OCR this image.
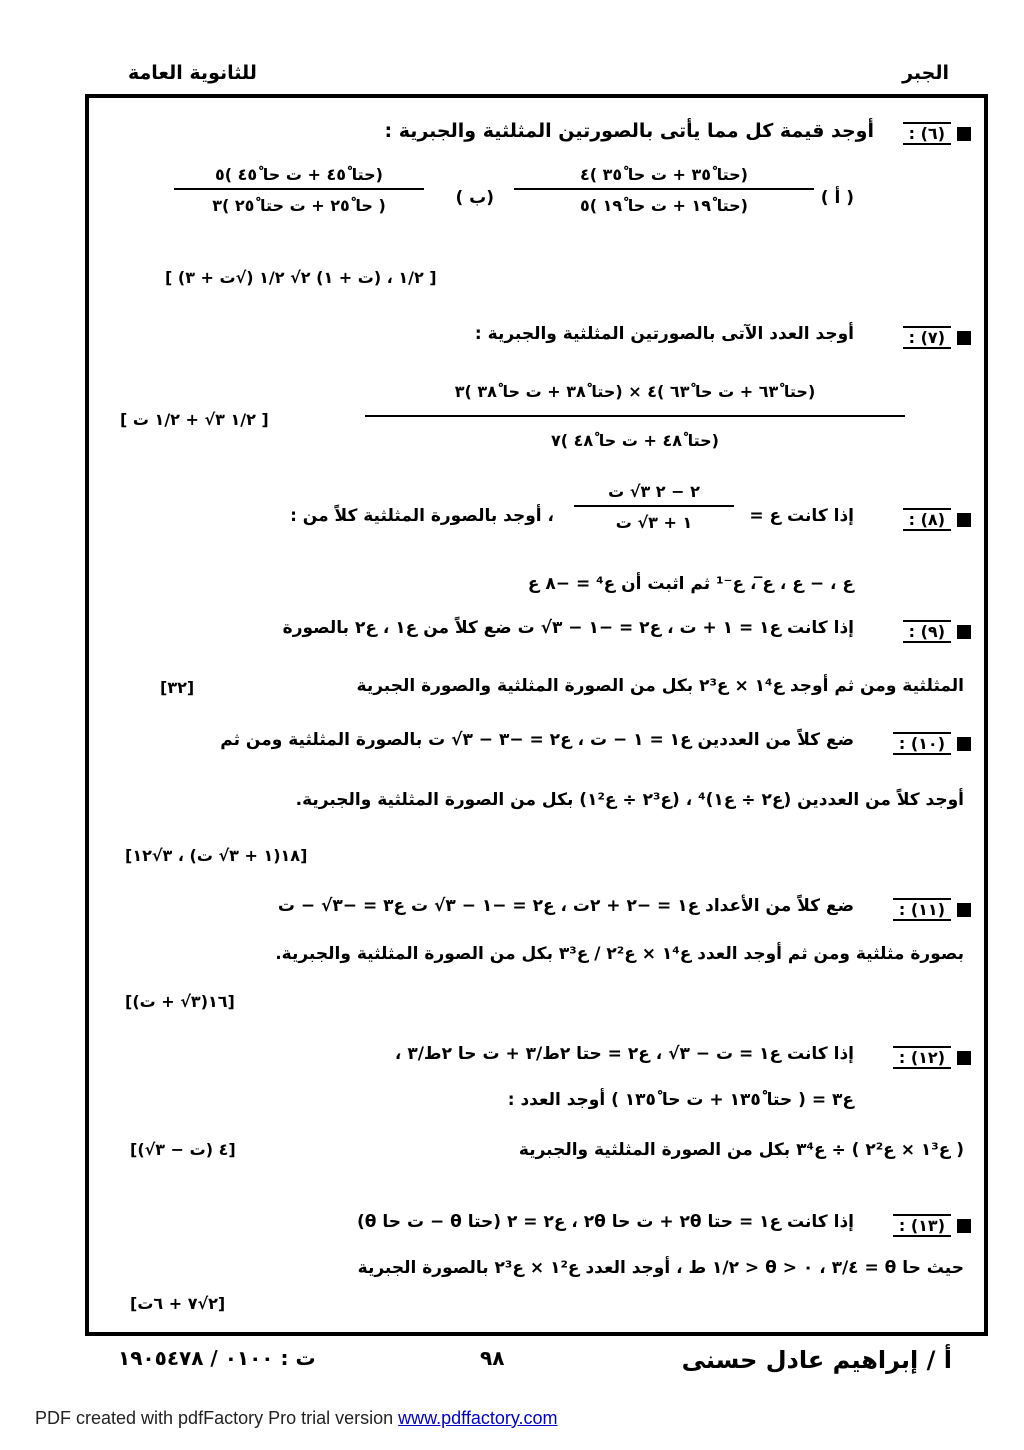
للثانوية العامة	الجبر
(٦) :
أوجد قيمة كل مما يأتى بالصورتين المثلثية والجبرية :
( أ )
(حتا ٣٥ْ + ت حا ٣٥ْ )٤
(حتا ١٩ْ + ت حا ١٩ْ )٥
(ب )
(حتا ٤٥ْ + ت حا ٤٥ْ )٥
( حا ٢٥ْ + ت حتا ٢٥ْ )٣
[ (ت + ٣√) ١/٢ ، (ت + ١) ٢√ ١/٢ ]
(٧) :
أوجد العدد الآتى بالصورتين المثلثية والجبرية :
(حتا ٦٣ْ + ت حا ٦٣ْ )٤ × (حتا ٣٨ْ + ت حا ٣٨ْ )٣
(حتا ٤٨ْ + ت حا ٤٨ْ )٧
[ ١/٢ ٣√ + ١/٢ ت ]
(٨) :
إذا كانت ع =
٢ − ٢ ٣√ ت
١ + ٣√ ت
، أوجد بالصورة المثلثية كلاً من :
ع ، − ع ، ع̅ ، ع⁻¹ ثم اثبت أن ع⁴ = −٨ ع
(٩) :
إذا كانت ع١ = ١ + ت ، ع٢ = −١ − ٣√ ت ضع كلاً من ع١ ، ع٢ بالصورة
المثلثية ومن ثم أوجد ع١⁴ × ع٢³ بكل من الصورة المثلثية والصورة الجبرية
[٣٢]
(١٠) :
ضع كلاً من العددين ع١ = ١ − ت ، ع٢ = −٣ − ٣√ ت بالصورة المثلثية ومن ثم
أوجد كلاً من العددين (ع٢ ÷ ع١)⁴ ، (ع٢³ ÷ ع١²) بكل من الصورة المثلثية والجبرية.
[١٨(١ + ٣√ ت) ، ٣√١٢]
(١١) :
ضع كلاً من الأعداد ع١ = −٢ + ٢ت ، ع٢ = −١ − ٣√ ت ع٣ = −٣√ − ت
بصورة مثلثية ومن ثم أوجد العدد ع١⁴ × ع٢² / ع٣³ بكل من الصورة المثلثية والجبرية.
[١٦(٣√ + ت)]
(١٢) :
إذا كانت ع١ = ت − ٣√ ، ع٢ = حتا ٢ط/٣ + ت حا ٢ط/٣ ،
ع٣ = ( حتا ١٣٥ْ + ت حا ١٣٥ْ ) أوجد العدد :
( ع١³ × ع٢² ) ÷ ع٣⁴ بكل من الصورة المثلثية والجبرية
[٤ (ت − ٣√)]
(١٣) :
إذا كانت ع١ = حتا ٢θ + ت حا ٢θ ، ع٢ = ٢ (حتا θ − ت حا θ)
حيث حا θ = ٣/٤ ، ٠ < θ < ١/٢ ط ، أوجد العدد ع١² × ع٢³ بالصورة الجبرية
[٢√٧ + ٦ت]
أ / إبراهيم عادل حسنى
٩٨
ت : ٠١٠٠ / ١٩٠٥٤٧٨
PDF created with pdfFactory Pro trial version www.pdffactory.com
